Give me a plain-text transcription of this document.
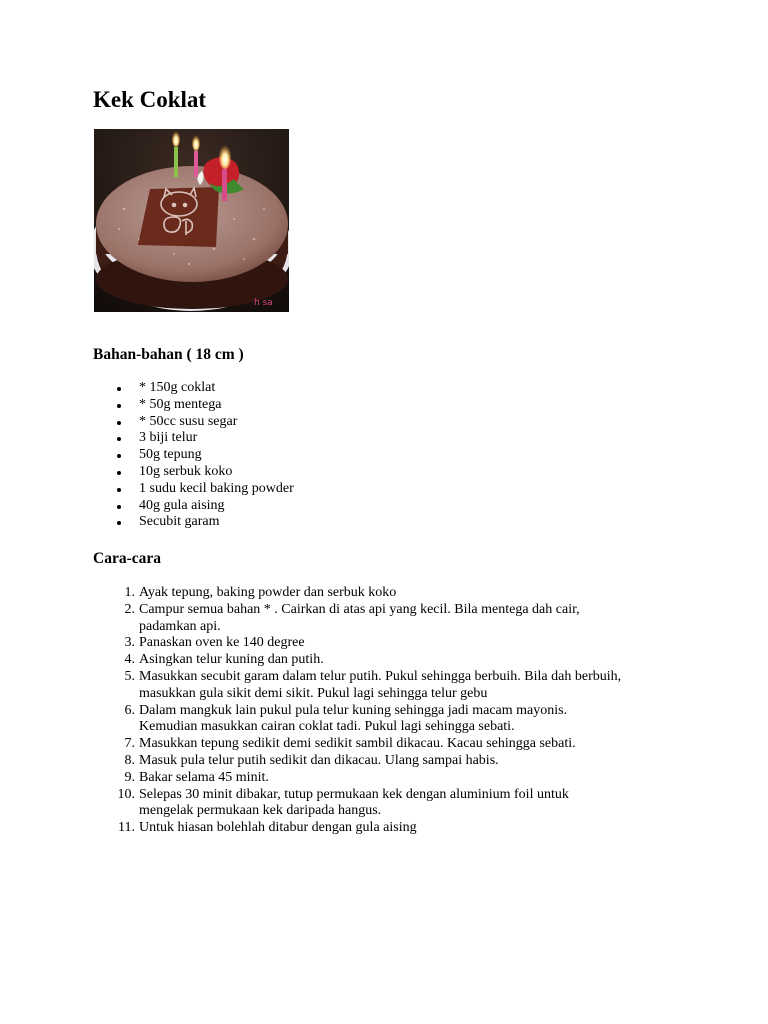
Kek Coklat
h sa
Bahan-bahan ( 18 cm )
* 150g coklat
* 50g mentega
* 50cc susu segar
3 biji telur
50g tepung
10g serbuk koko
1 sudu kecil baking powder
40g gula aising
Secubit garam
Cara-cara
1. Ayak tepung, baking powder dan serbuk koko
2. Campur semua bahan * . Cairkan di atas api yang kecil. Bila mentega dah cair,
padamkan api.
3. Panaskan oven ke 140 degree
4. Asingkan telur kuning dan putih.
5. Masukkan secubit garam dalam telur putih. Pukul sehingga berbuih. Bila dah berbuih,
masukkan gula sikit demi sikit. Pukul lagi sehingga telur gebu
6. Dalam mangkuk lain pukul pula telur kuning sehingga jadi macam mayonis.
Kemudian masukkan cairan coklat tadi. Pukul lagi sehingga sebati.
7. Masukkan tepung sedikit demi sedikit sambil dikacau. Kacau sehingga sebati.
8. Masuk pula telur putih sedikit dan dikacau. Ulang sampai habis.
9. Bakar selama 45 minit.
10. Selepas 30 minit dibakar, tutup permukaan kek dengan aluminium foil untuk
mengelak permukaan kek daripada hangus.
11. Untuk hiasan bolehlah ditabur dengan gula aising
